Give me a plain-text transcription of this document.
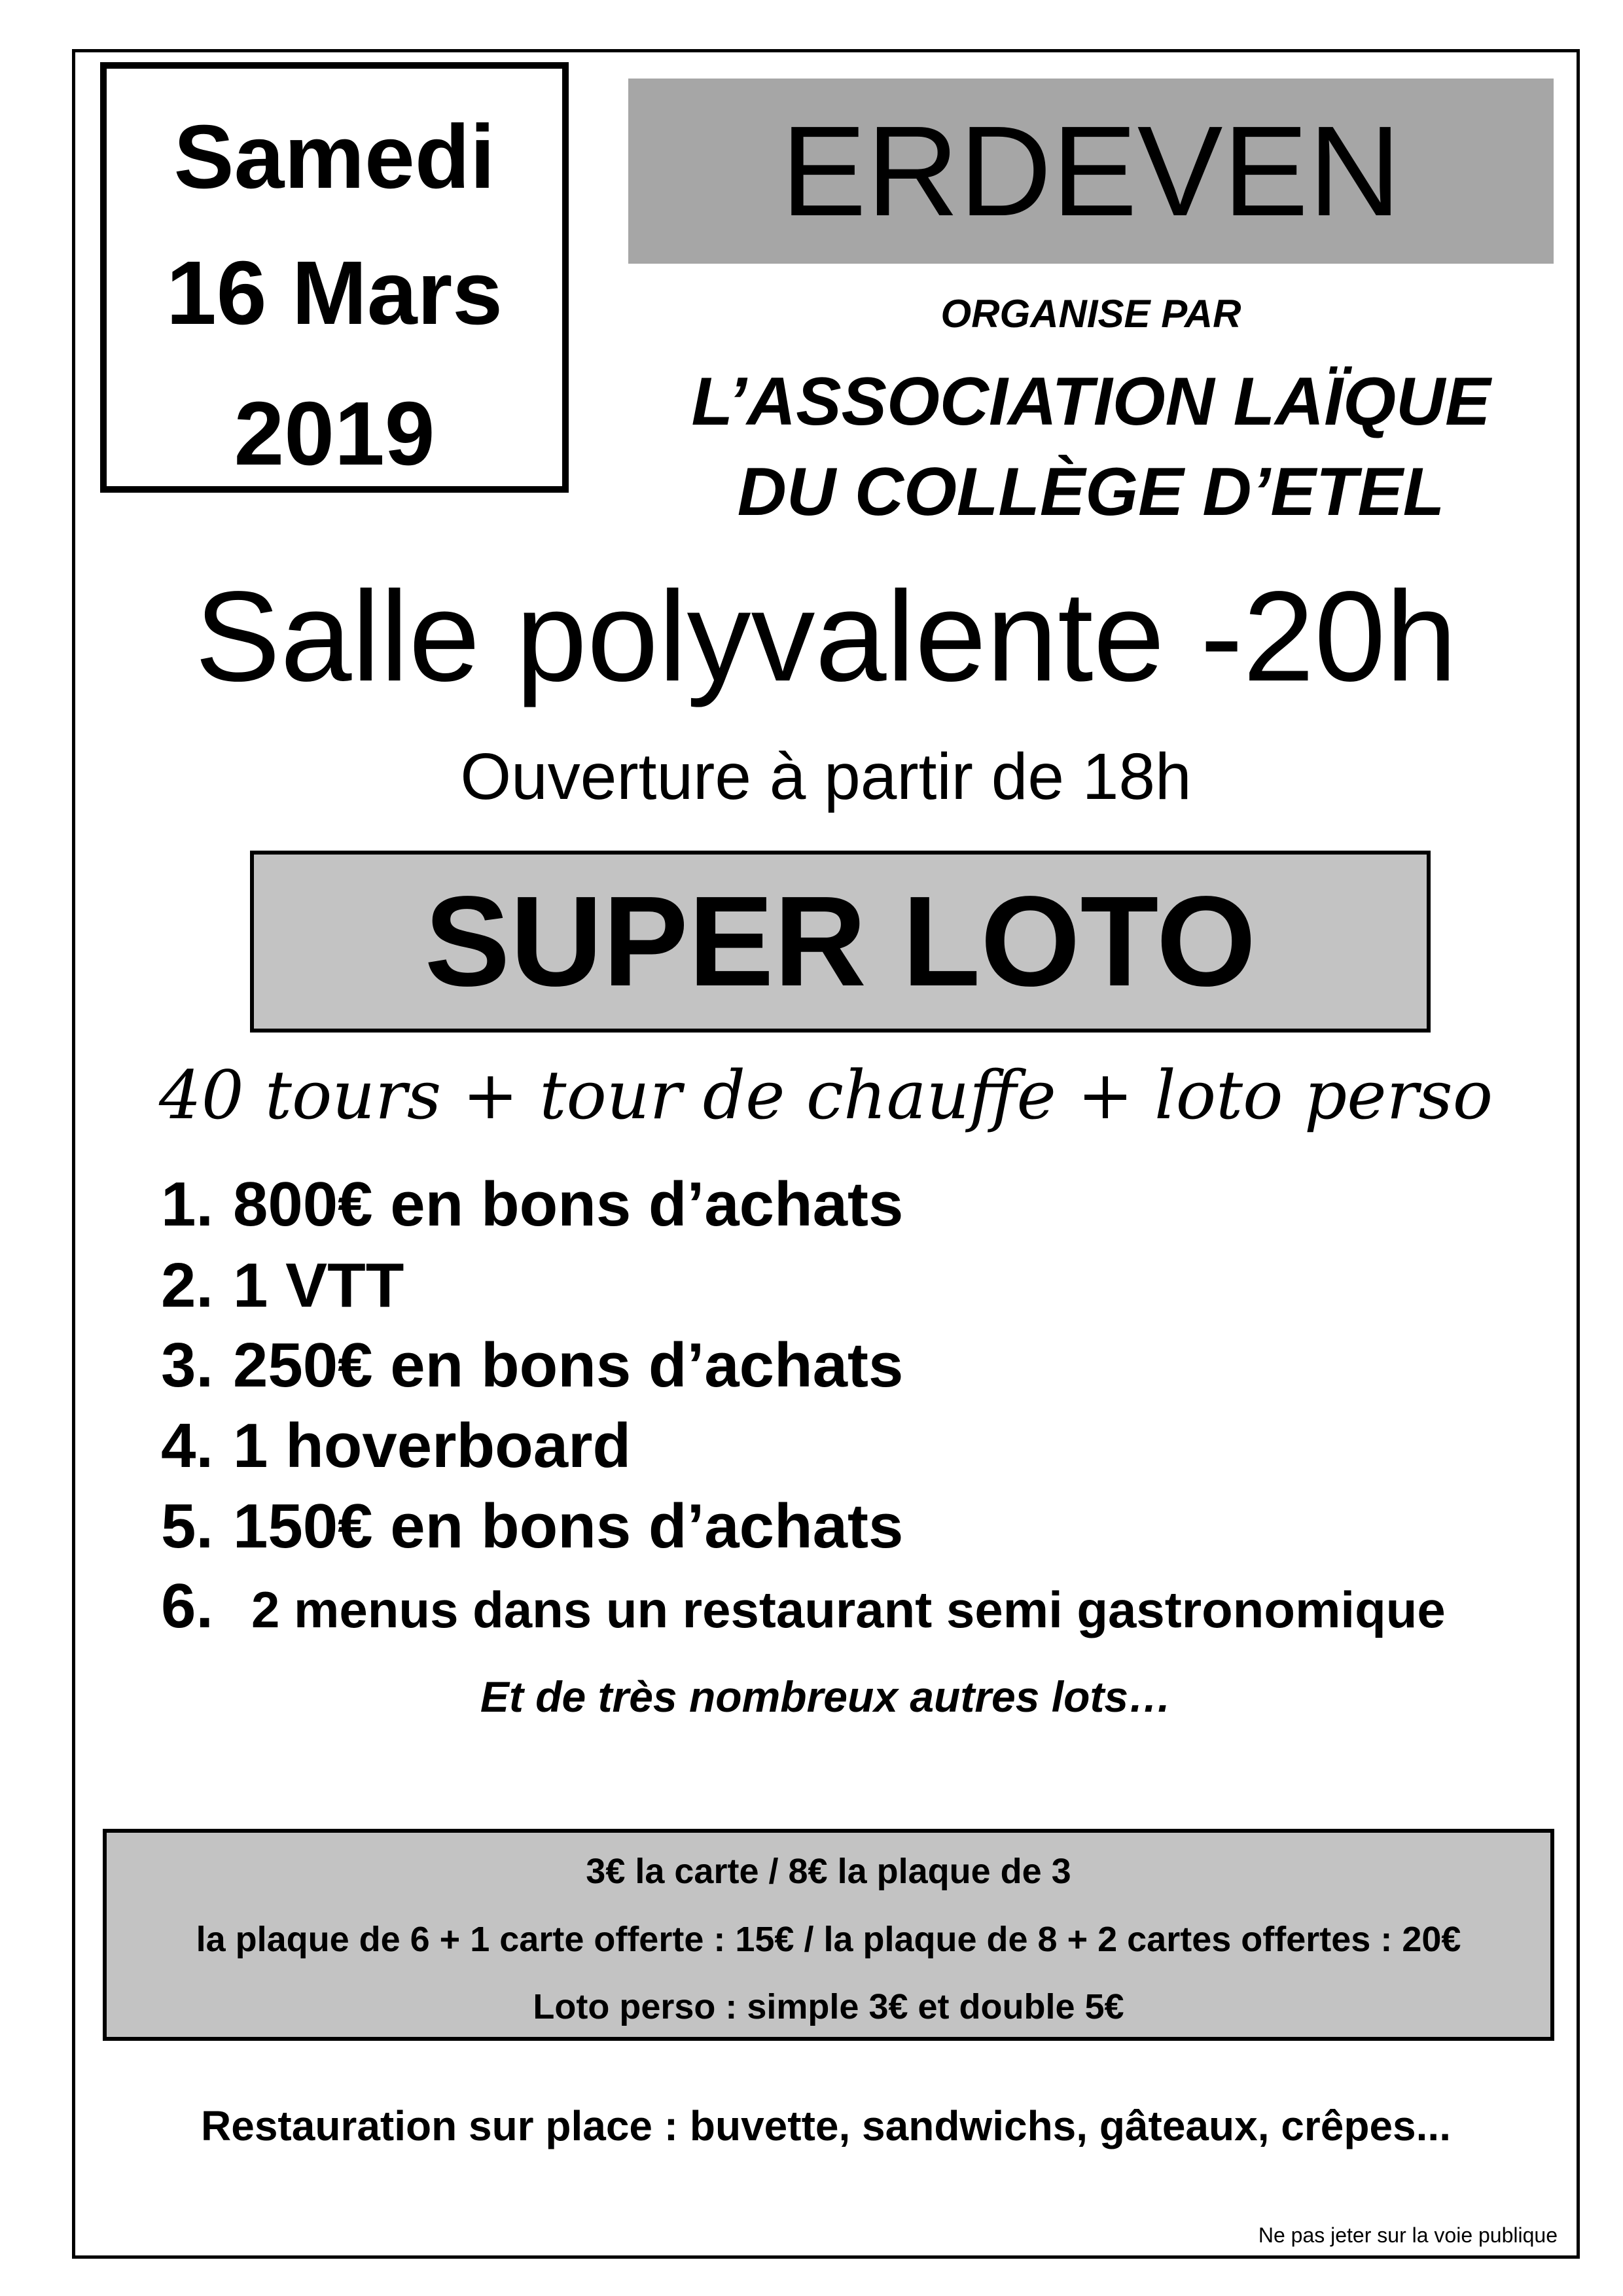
Samedi
16 Mars
2019
ERDEVEN
ORGANISE PAR
L’ASSOCIATION LAÏQUE
DU COLLÈGE D’ETEL
Salle polyvalente -20h
Ouverture à partir de 18h
SUPER LOTO
40 tours + tour de chauffe + loto perso
1. 800€ en bons d’achats
2. 1 VTT
3. 250€ en bons d’achats
4. 1 hoverboard
5. 150€ en bons d’achats
6. 2 menus dans un restaurant semi gastronomique
Et de très nombreux autres lots…
3€ la carte / 8€ la plaque de 3
la plaque de 6 + 1 carte offerte : 15€ / la plaque de 8 + 2 cartes offertes : 20€
Loto perso : simple 3€ et double 5€
Restauration sur place : buvette, sandwichs, gâteaux, crêpes...
Ne pas jeter sur la voie publique
